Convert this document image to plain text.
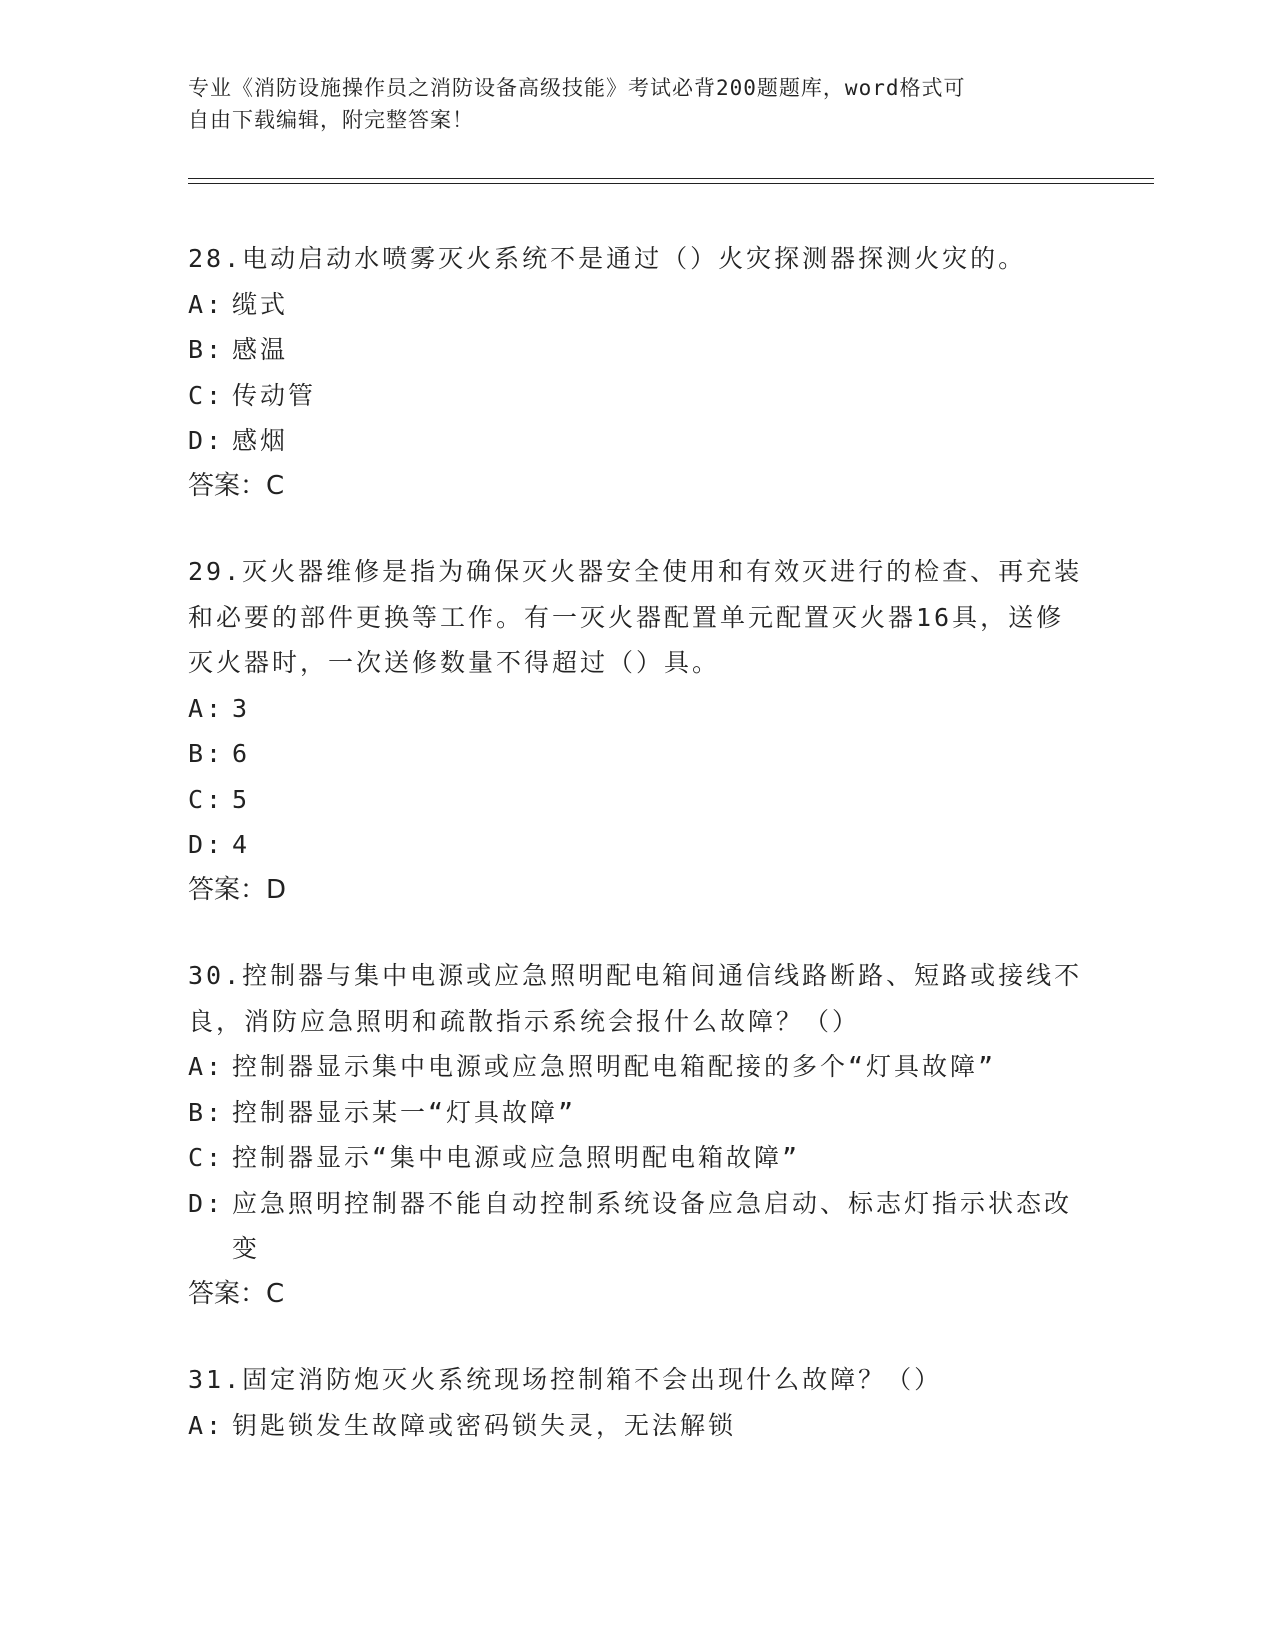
专业《消防设施操作员之消防设备高级技能》考试必背200题题库，word格式可
自由下载编辑，附完整答案！

28.电动启动水喷雾灭火系统不是通过（）火灾探测器探测火灾的。

A: 缆式
B: 感温
C: 传动管
D: 感烟

答案：C

29.灭火器维修是指为确保灭火器安全使用和有效灭进行的检查、再充装和必要的部件更换等工作。有一灭火器配置单元配置灭火器16具，送修灭火器时，一次送修数量不得超过（）具。

A: 3
B: 6
C: 5
D: 4

答案：D

30.控制器与集中电源或应急照明配电箱间通信线路断路、短路或接线不良，消防应急照明和疏散指示系统会报什么故障？（）

A: 控制器显示集中电源或应急照明配电箱配接的多个“灯具故障”
B: 控制器显示某一“灯具故障”
C: 控制器显示“集中电源或应急照明配电箱故障”
D: 应急照明控制器不能自动控制系统设备应急启动、标志灯指示状态改变

答案：C

31.固定消防炮灭火系统现场控制箱不会出现什么故障？（）

A: 钥匙锁发生故障或密码锁失灵，无法解锁
